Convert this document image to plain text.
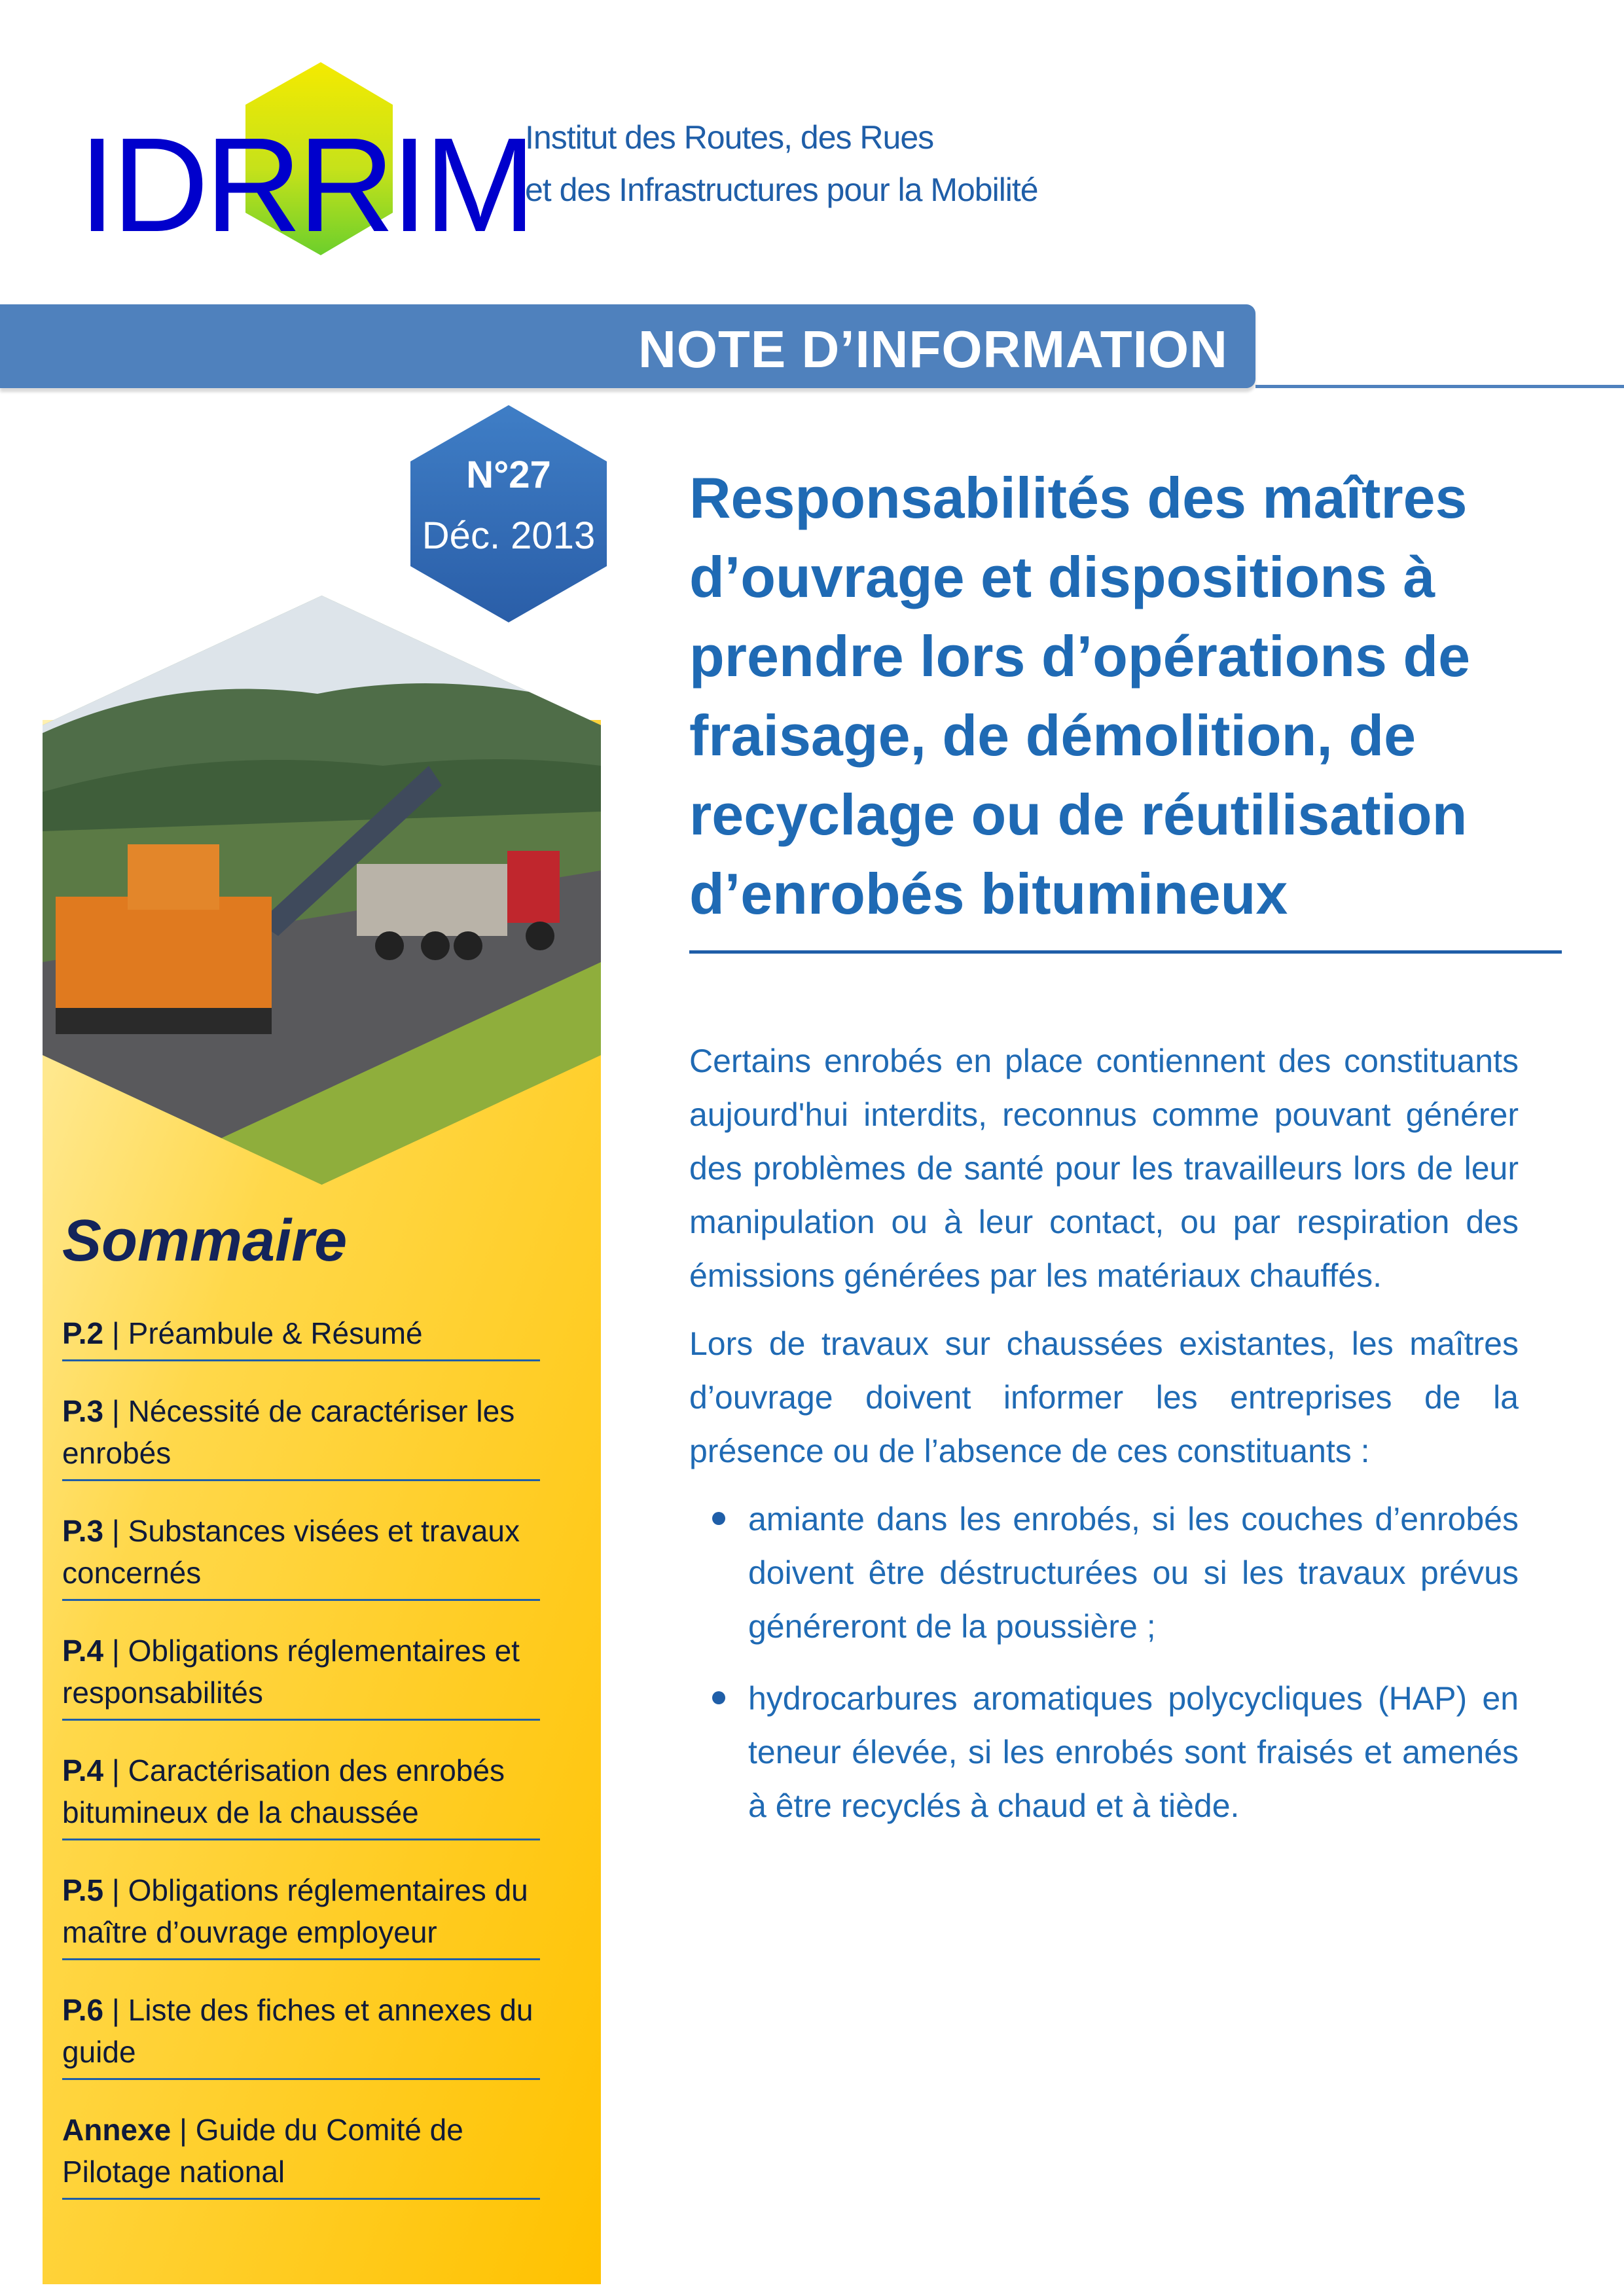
IDRRIM
Institut des Routes, des Rues
et des Infrastructures pour la Mobilité
NOTE D’INFORMATION
N°27
Déc. 2013
Sommaire
P.2 | Préambule & Résumé
P.3 | Nécessité de caractériser les enrobés
P.3 | Substances visées et travaux concernés
P.4 | Obligations réglementaires et responsabilités
P.4 | Caractérisation des enrobés bitumineux de la chaussée
P.5 | Obligations réglementaires du maître d’ouvrage employeur
P.6 | Liste des fiches et annexes du guide
Annexe | Guide du Comité de Pilotage national
Responsabilités des maîtres d’ouvrage et dispositions à prendre lors d’opérations de fraisage, de démolition, de recyclage ou de réutilisation d’enrobés bitumineux

Certains enrobés en place contiennent des constituants aujourd'hui interdits, reconnus comme pouvant générer des problèmes de santé pour les travailleurs lors de leur manipulation ou à leur contact, ou par respiration des émissions générées par les matériaux chauffés.

Lors de travaux sur chaussées existantes, les maîtres d’ouvrage doivent informer les entreprises de la présence ou de l’absence de ces constituants :

amiante dans les enrobés, si les couches d’enrobés doivent être déstructurées ou si les travaux prévus généreront de la poussière ;
hydrocarbures aromatiques polycycliques (HAP) en teneur élevée, si les enrobés sont fraisés et amenés à être recyclés à chaud et à tiède.
